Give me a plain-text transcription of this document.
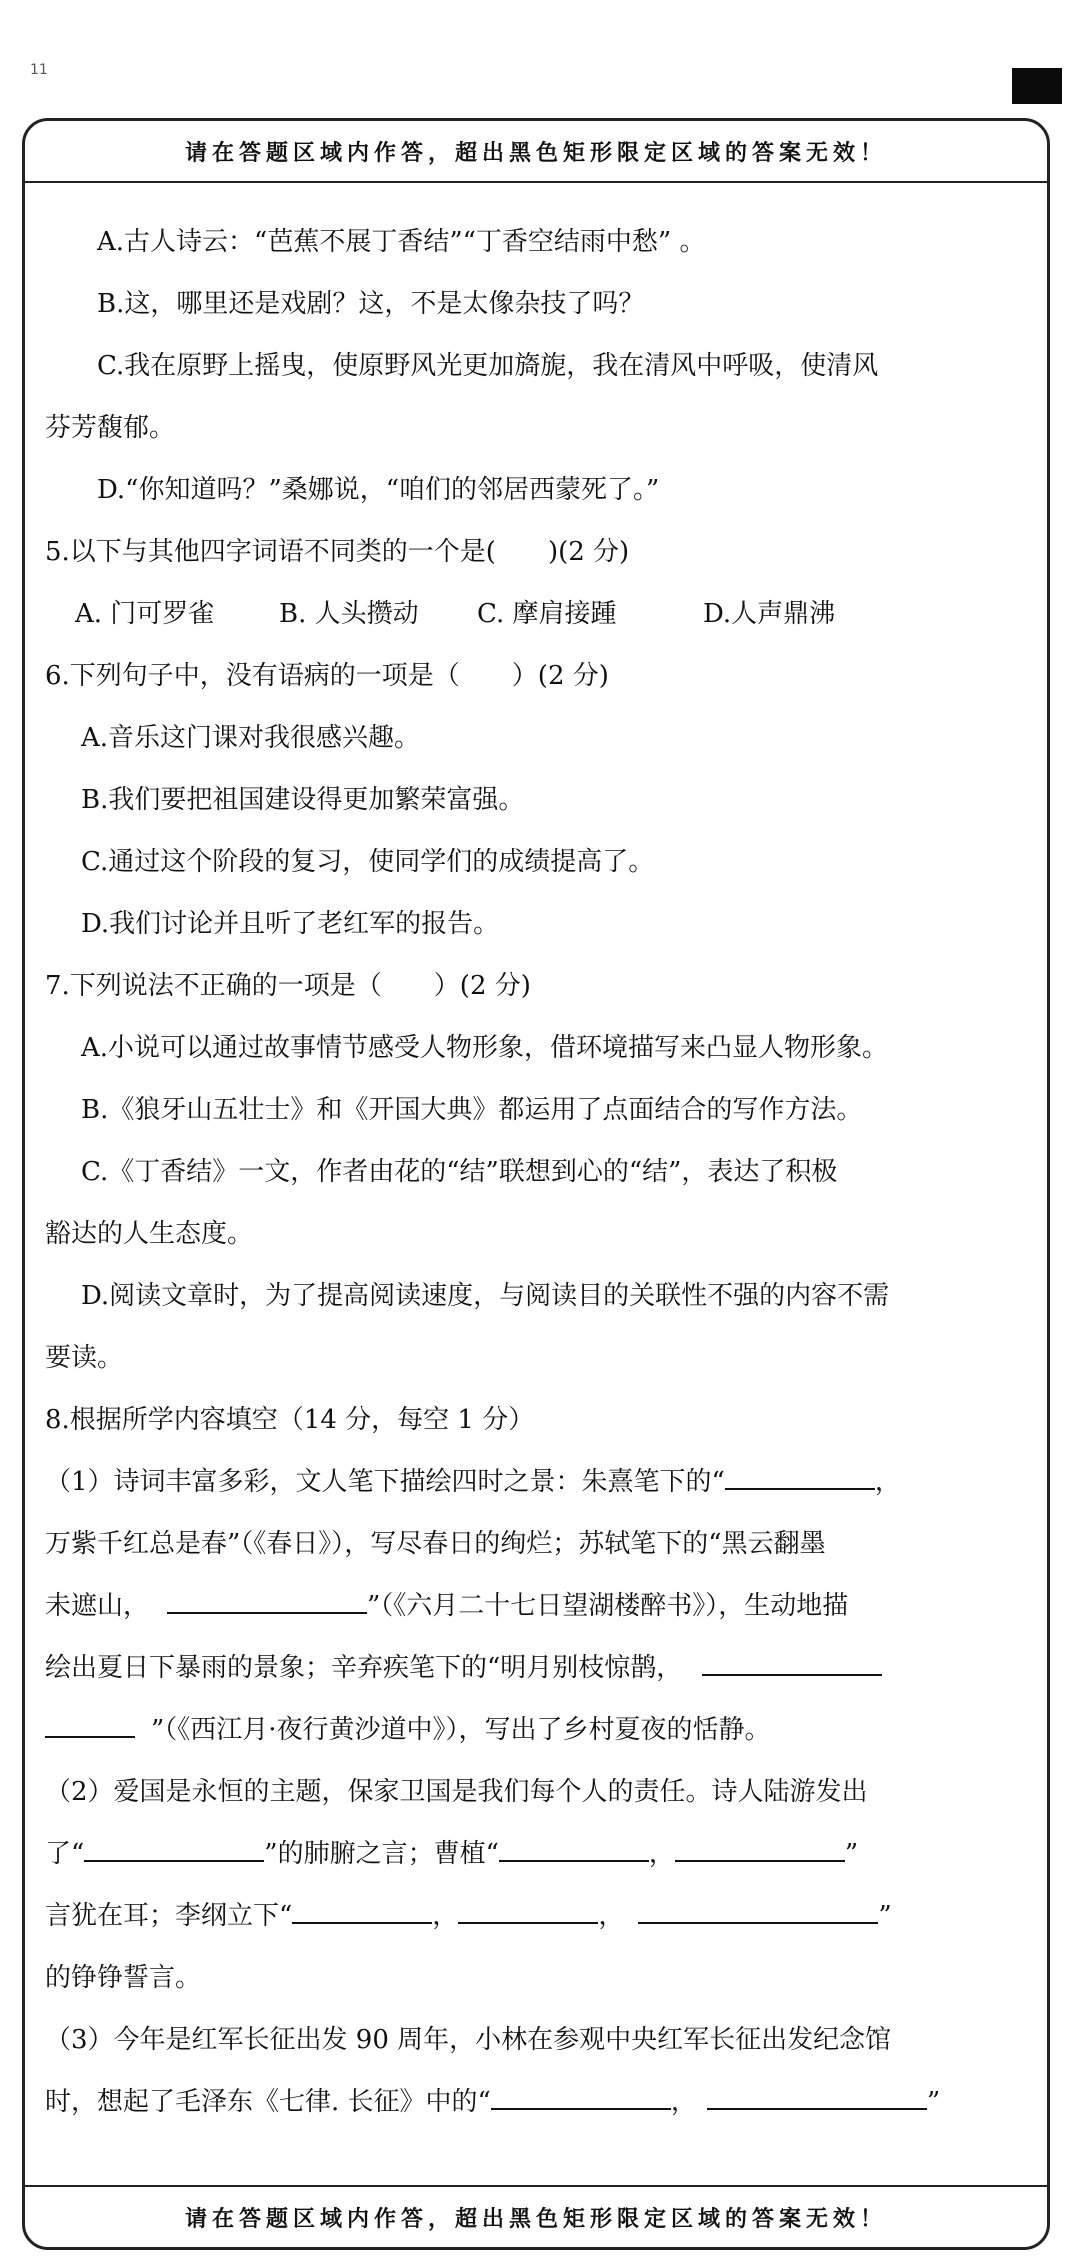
11
请在答题区域内作答，超出黑色矩形限定区域的答案无效！
A.古人诗云：“芭蕉不展丁香结”“丁香空结雨中愁” 。
B.这，哪里还是戏剧？这，不是太像杂技了吗？
C.我在原野上摇曳，使原野风光更加旖旎，我在清风中呼吸，使清风
芬芳馥郁。
D.“你知道吗？”桑娜说，“咱们的邻居西蒙死了。”
5.以下与其他四字词语不同类的一个是(　　)(2 分)
A. 门可罗雀 B. 人头攒动 C. 摩肩接踵	D.人声鼎沸
6.下列句子中，没有语病的一项是（　　）(2 分)
A.音乐这门课对我很感兴趣。
B.我们要把祖国建设得更加繁荣富强。
C.通过这个阶段的复习，使同学们的成绩提高了。
D.我们讨论并且听了老红军的报告。
7.下列说法不正确的一项是（　　）(2 分)
A.小说可以通过故事情节感受人物形象，借环境描写来凸显人物形象。
B.《狼牙山五壮士》和《开国大典》都运用了点面结合的写作方法。
C.《丁香结》一文，作者由花的“结”联想到心的“结”，表达了积极
豁达的人生态度。
D.阅读文章时，为了提高阅读速度，与阅读目的关联性不强的内容不需
要读。
8.根据所学内容填空（14 分，每空 1 分）
（1）诗词丰富多彩，文人笔下描绘四时之景：朱熹笔下的“	，
万紫千红总是春”（《春日》），写尽春日的绚烂；苏轼笔下的“黑云翻墨
未遮山，	”（《六月二十七日望湖楼醉书》），生动地描
绘出夏日下暴雨的景象；辛弃疾笔下的“明月别枝惊鹊，
”（《西江月·夜行黄沙道中》），写出了乡村夏夜的恬静。
（2）爱国是永恒的主题，保家卫国是我们每个人的责任。诗人陆游发出
了“	”的肺腑之言；曹植“	，	”
言犹在耳；李纲立下“	，	，	”
的铮铮誓言。
（3）今年是红军长征出发 90 周年，小林在参观中央红军长征出发纪念馆
时，想起了毛泽东《七律. 长征》中的“	，	”
请在答题区域内作答，超出黑色矩形限定区域的答案无效！
